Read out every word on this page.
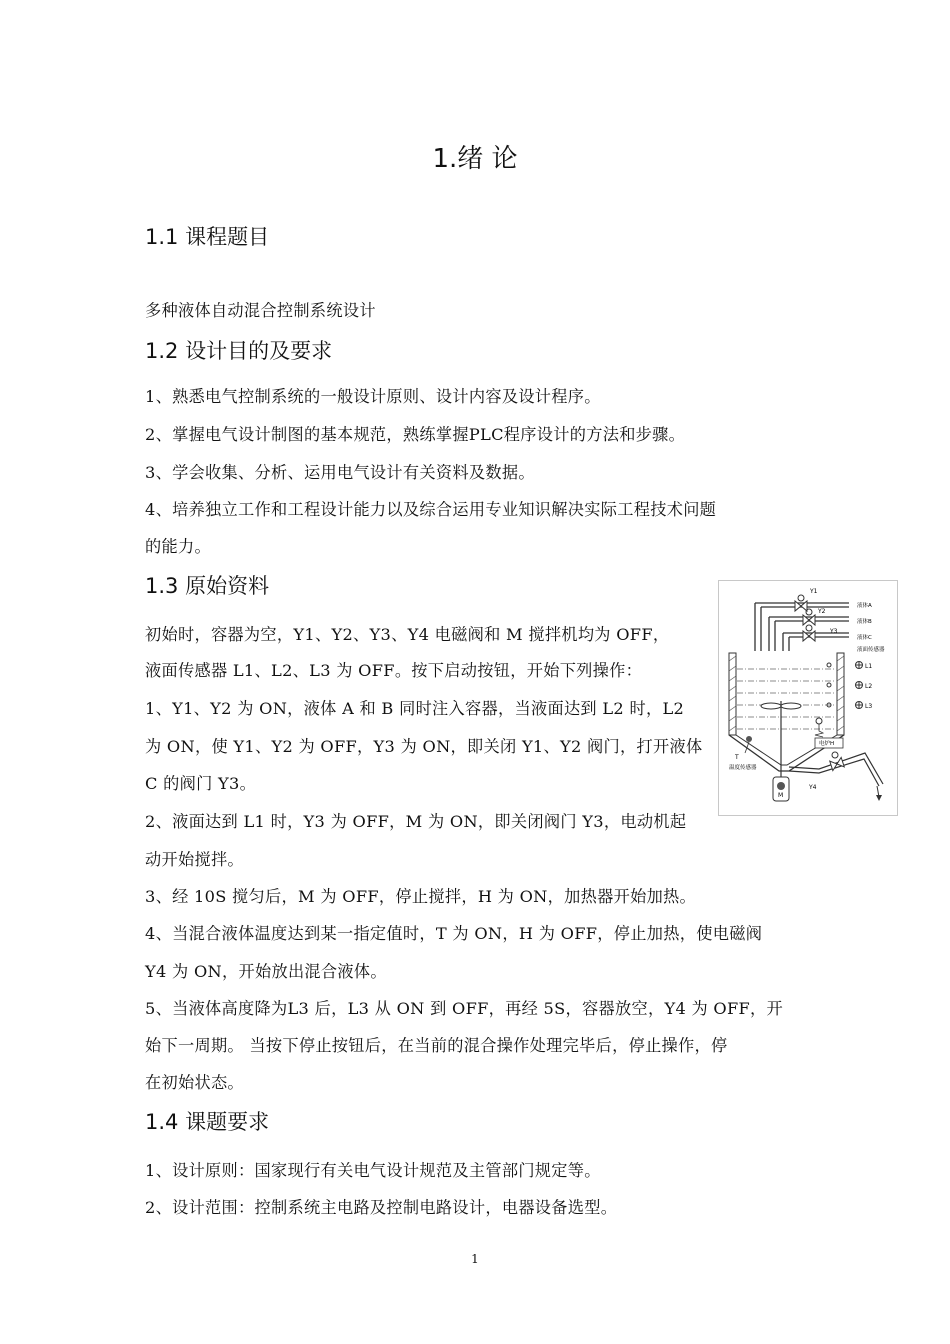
1.绪 论
1.1 课程题目
多种液体自动混合控制系统设计
1.2 设计目的及要求
1、熟悉电气控制系统的一般设计原则、设计内容及设计程序。
2、掌握电气设计制图的基本规范，熟练掌握PLC程序设计的方法和步骤。
3、学会收集、分析、运用电气设计有关资料及数据。
4、培养独立工作和工程设计能力以及综合运用专业知识解决实际工程技术问题
的能力。
1.3 原始资料
初始时，容器为空，Y1、Y2、Y3、Y4 电磁阀和 M 搅拌机均为 OFF，
液面传感器 L1、L2、L3 为 OFF。按下启动按钮，开始下列操作：
1、Y1、Y2 为 ON，液体 A 和 B 同时注入容器，当液面达到 L2 时，L2
为 ON，使 Y1、Y2 为 OFF，Y3 为 ON，即关闭 Y1、Y2 阀门，打开液体
C 的阀门 Y3。
2、液面达到 L1 时，Y3 为 OFF，M 为 ON，即关闭阀门 Y3，电动机起
动开始搅拌。
3、经 10S 搅匀后，M 为 OFF，停止搅拌，H 为 ON，加热器开始加热。
4、当混合液体温度达到某一指定值时，T 为 ON，H 为 OFF，停止加热，使电磁阀
Y4 为 ON，开始放出混合液体。
5、当液体高度降为L3 后，L3 从 ON 到 OFF，再经 5S，容器放空，Y4 为 OFF，开
始下一周期。 当按下停止按钮后，在当前的混合操作处理完毕后，停止操作，停
在初始状态。
1.4 课题要求
1、设计原则：国家现行有关电气设计规范及主管部门规定等。
2、设计范围：控制系统主电路及控制电路设计，电器设备选型。
Y1
Y2
Y3
液体A
液体B
液体C
液面传感器
L1
L2
L3
M
电炉H
T
温度传感器
Y4
1
